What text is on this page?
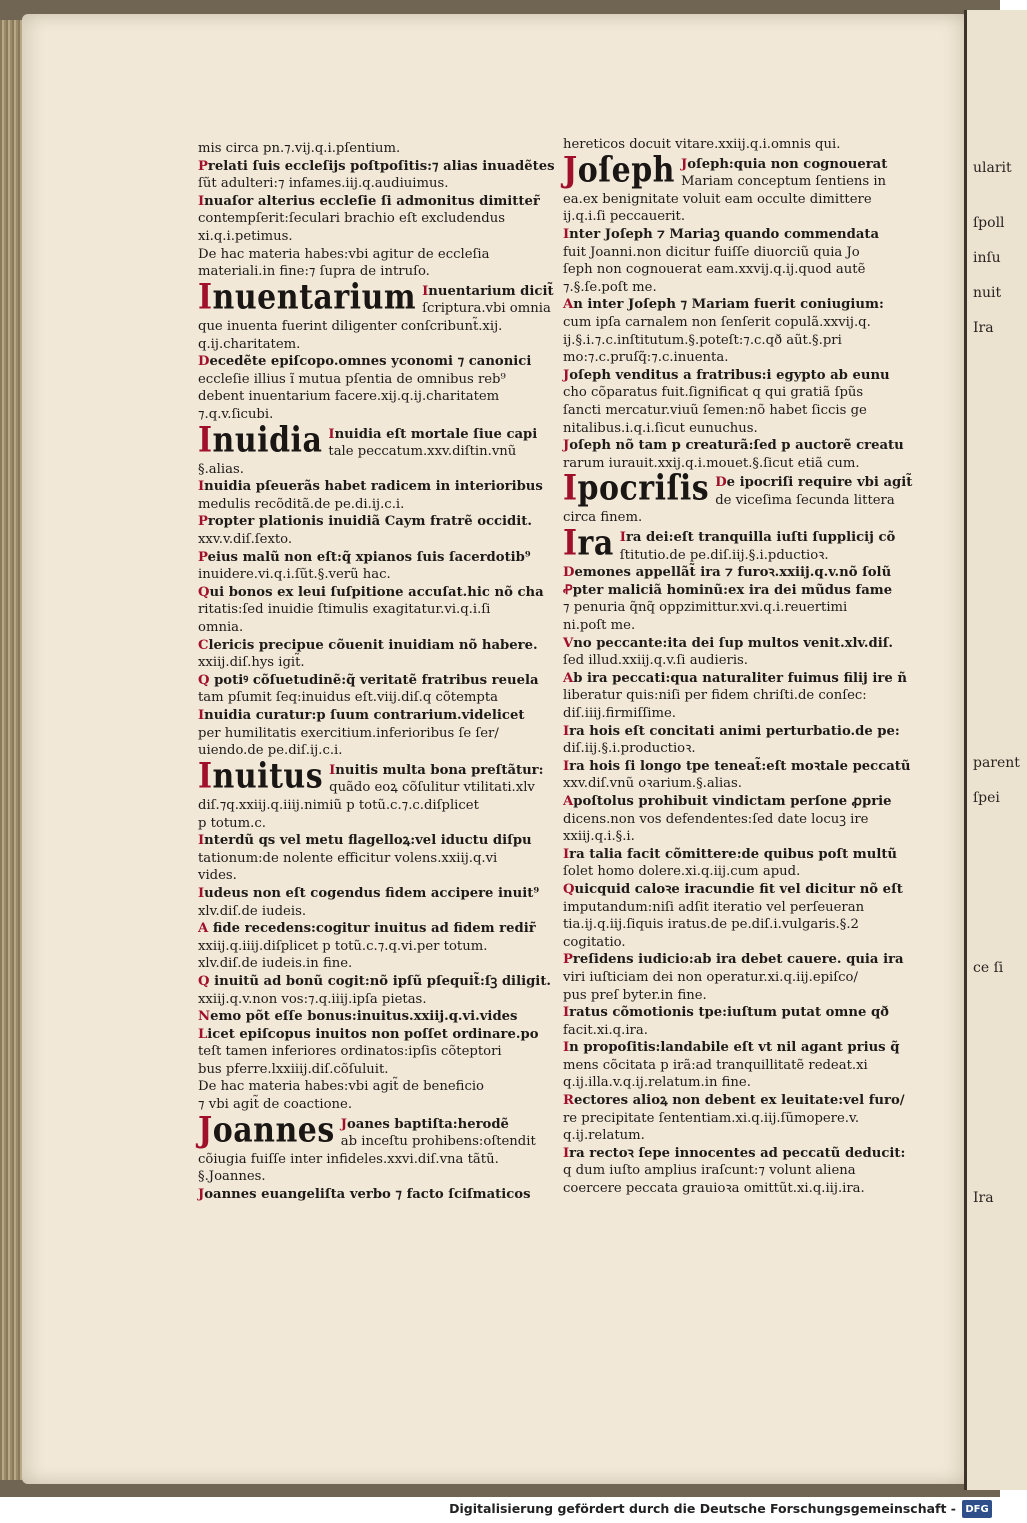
ularit
ſpoll
inſu
nuit
Ira
parent
ſpei
ce ſi
Ira
mis circa pn.⁊.vij.q.i.pſentium.
Prelati ſuis eccleſijs poſtpoſitis:⁊ alias inuadẽtes
ſũt adulteri:⁊ infames.iij.q.audiuimus.
Inuaſor alterius eccleſie ſi admonitus dimitter̃
contempſerit:ſeculari brachio eſt excludendus
xi.q.i.petimus.
De hac materia habes:vbi agitur de eccleſia
materiali.in fine:⁊ ſupra de intruſo.
Inuentarium Inuentarium dicit̃
ſcriptura.vbi omnia
que inuenta fuerint diligenter conſcribunt̃.xij.
q.ij.charitatem.
Decedẽte epiſcopo.omnes yconomi ⁊ canonici
eccleſie illius ĩ mutua pſentia de omnibus reb⁹
debent inuentarium facere.xij.q.ij.charitatem
⁊.q.v.ſicubi.
Inuidia Inuidia eſt mortale ſiue capi
tale peccatum.xxv.diſtin.vnũ
§.alias.
Inuidia pſeuerãs habet radicem in interioribus
medulis recõditã.de pe.di.ij.c.i.
Propter plationis inuidiã Caym fratrẽ occidit.
xxv.v.diſ.ſexto.
Peius malũ non eſt:q̃ xpianos ſuis ſacerdotib⁹
inuidere.vi.q.i.ſũt.§.verũ hac.
Qui bonos ex leui ſuſpitione accuſat.hic nõ cha
ritatis:ſed inuidie ſtimulis exagitatur.vi.q.i.ſi
omnia.
Clericis precipue cõuenit inuidiam nõ habere.
xxiij.diſ.hys igit̃.
Q potiꝰ cõſuetudinẽ:q̃ veritatẽ fratribus reuela
tam pſumit ſeq:inuidus eſt.viij.diſ.q cõtempta
Inuidia curatur:p ſuum contrarium.videlicet
per humilitatis exercitium.inferioribus ſe ſer/
uiendo.de pe.diſ.ij.c.i.
Inuitus Inuitis multa bona preſtãtur:
quãdo eoꝝ cõſulitur vtilitati.xlv
diſ.⁊q.xxiij.q.iiij.nimiũ p totũ.c.⁊.c.diſplicet
p totum.c.
Interdũ qs vel metu flagelloꝝ:vel iductu diſpu
tationum:de nolente efficitur volens.xxiij.q.vi
vides.
Iudeus non eſt cogendus fidem accipere inuit⁹
xlv.diſ.de iudeis.
A fide recedens:cogitur inuitus ad fidem redir̃
xxiij.q.iiij.diſplicet p totũ.c.⁊.q.vi.per totum.
xlv.diſ.de iudeis.in fine.
Q inuitũ ad bonũ cogit:nõ ipſũ pſequit̃:ſꝫ diligit.
xxiij.q.v.non vos:⁊.q.iiij.ipſa pietas.
Nemo põt eſſe bonus:inuitus.xxiij.q.vi.vides
Licet epiſcopus inuitos non poſſet ordinare.po
teſt tamen inferiores ordinatos:ipſis cõteptori
bus pferre.lxxiiij.diſ.cõſuluit.
De hac materia habes:vbi agit̃ de beneficio
⁊ vbi agit̃ de coactione.
Joannes Joanes baptiſta:herodẽ
ab inceſtu prohibens:oſtendit
cõiugia fuiſſe inter infideles.xxvi.diſ.vna tãtũ.
§.Joannes.
Joannes euangeliſta verbo ⁊ facto ſciſmaticos
hereticos docuit vitare.xxiij.q.i.omnis qui.
Joſeph Joſeph:quia non cognouerat
Mariam conceptum ſentiens in
ea.ex benignitate voluit eam occulte dimittere
ij.q.i.ſi peccauerit.
Inter Joſeph ⁊ Mariaꝫ quando commendata
fuit Joanni.non dicitur fuiſſe diuorciũ quia Jo
ſeph non cognouerat eam.xxvij.q.ij.quod autẽ
⁊.§.ſe.poſt me.
An inter Joſeph ⁊ Mariam fuerit coniugium:
cum ipſa carnalem non ſenſerit copulã.xxvij.q.
ij.§.i.⁊.c.inſtitutum.§.poteſt:⁊.c.qð aũt.§.pri
mo:⁊.c.pruſq̃:⁊.c.inuenta.
Joſeph venditus a fratribus:i egypto ab eunu
cho cõparatus fuit.ſignificat q qui gratiã ſpũs
ſancti mercatur.viuũ ſemen:nõ habet ſiccis ge
nitalibus.i.q.i.ſicut eunuchus.
Joſeph nõ tam p creaturã:ſed p auctorẽ creatu
rarum iurauit.xxij.q.i.mouet.§.ſicut etiã cum.
Ipocriſis De ipocriſi require vbi agit̃
de viceſima ſecunda littera
circa finem.
Ira Ira dei:eſt tranquilla iuſti ſupplicij cõ
ſtitutio.de pe.diſ.iij.§.i.pductioꝛ.
Demones appellãt̃ ira ⁊ furoꝛ.xxiij.q.v.nõ ſolũ
Ꝓpter maliciã hominũ:ex ira dei mũdus fame
⁊ penuria q̃nq̃ oppzimittur.xvi.q.i.reuertimi
ni.poſt me.
Vno peccante:ita dei ſup multos venit.xlv.diſ.
ſed illud.xxiij.q.v.ſi audieris.
Ab ira peccati:qua naturaliter fuimus filij ire ñ
liberatur quis:niſi per fidem chriſti.de conſec:
diſ.iiij.firmiſſime.
Ira hois eſt concitati animi perturbatio.de pe:
diſ.iij.§.i.productioꝛ.
Ira hois ſi longo tpe teneat̃:eſt moꝛtale peccatũ
xxv.diſ.vnũ oꝛarium.§.alias.
Apoſtolus prohibuit vindictam perſone ꝓprie
dicens.non vos defendentes:ſed date locuꝫ ire
xxiij.q.i.§.i.
Ira talia facit cõmittere:de quibus poſt multũ
ſolet homo dolere.xi.q.iij.cum apud.
Quicquid caloꝛe iracundie fit vel dicitur nõ eſt
imputandum:niſi adſit iteratio vel perſeueran
tia.ij.q.iij.ſiquis iratus.de pe.diſ.i.vulgaris.§.2
cogitatio.
Preſidens iudicio:ab ira debet cauere. quia ira
viri iuſticiam dei non operatur.xi.q.iij.epiſco/
pus preſ byter.in fine.
Iratus cõmotionis tpe:iuſtum putat omne qð
facit.xi.q.ira.
In propoſitis:landabile eſt vt nil agant prius q̃
mens cõcitata p irã:ad tranquillitatẽ redeat.xi
q.ij.illa.v.q.ij.relatum.in fine.
Rectores alioꝝ non debent ex leuitate:vel furo/
re precipitate ſententiam.xi.q.iij.ſũmopere.v.
q.ij.relatum.
Ira rectoꝛ ſepe innocentes ad peccatũ deducit:
q dum iuſto amplius iraſcunt:⁊ volunt aliena
coercere peccata grauioꝛa omittũt.xi.q.iij.ira.
Digitalisierung gefördert durch die Deutsche Forschungsgemeinschaft - DFG
